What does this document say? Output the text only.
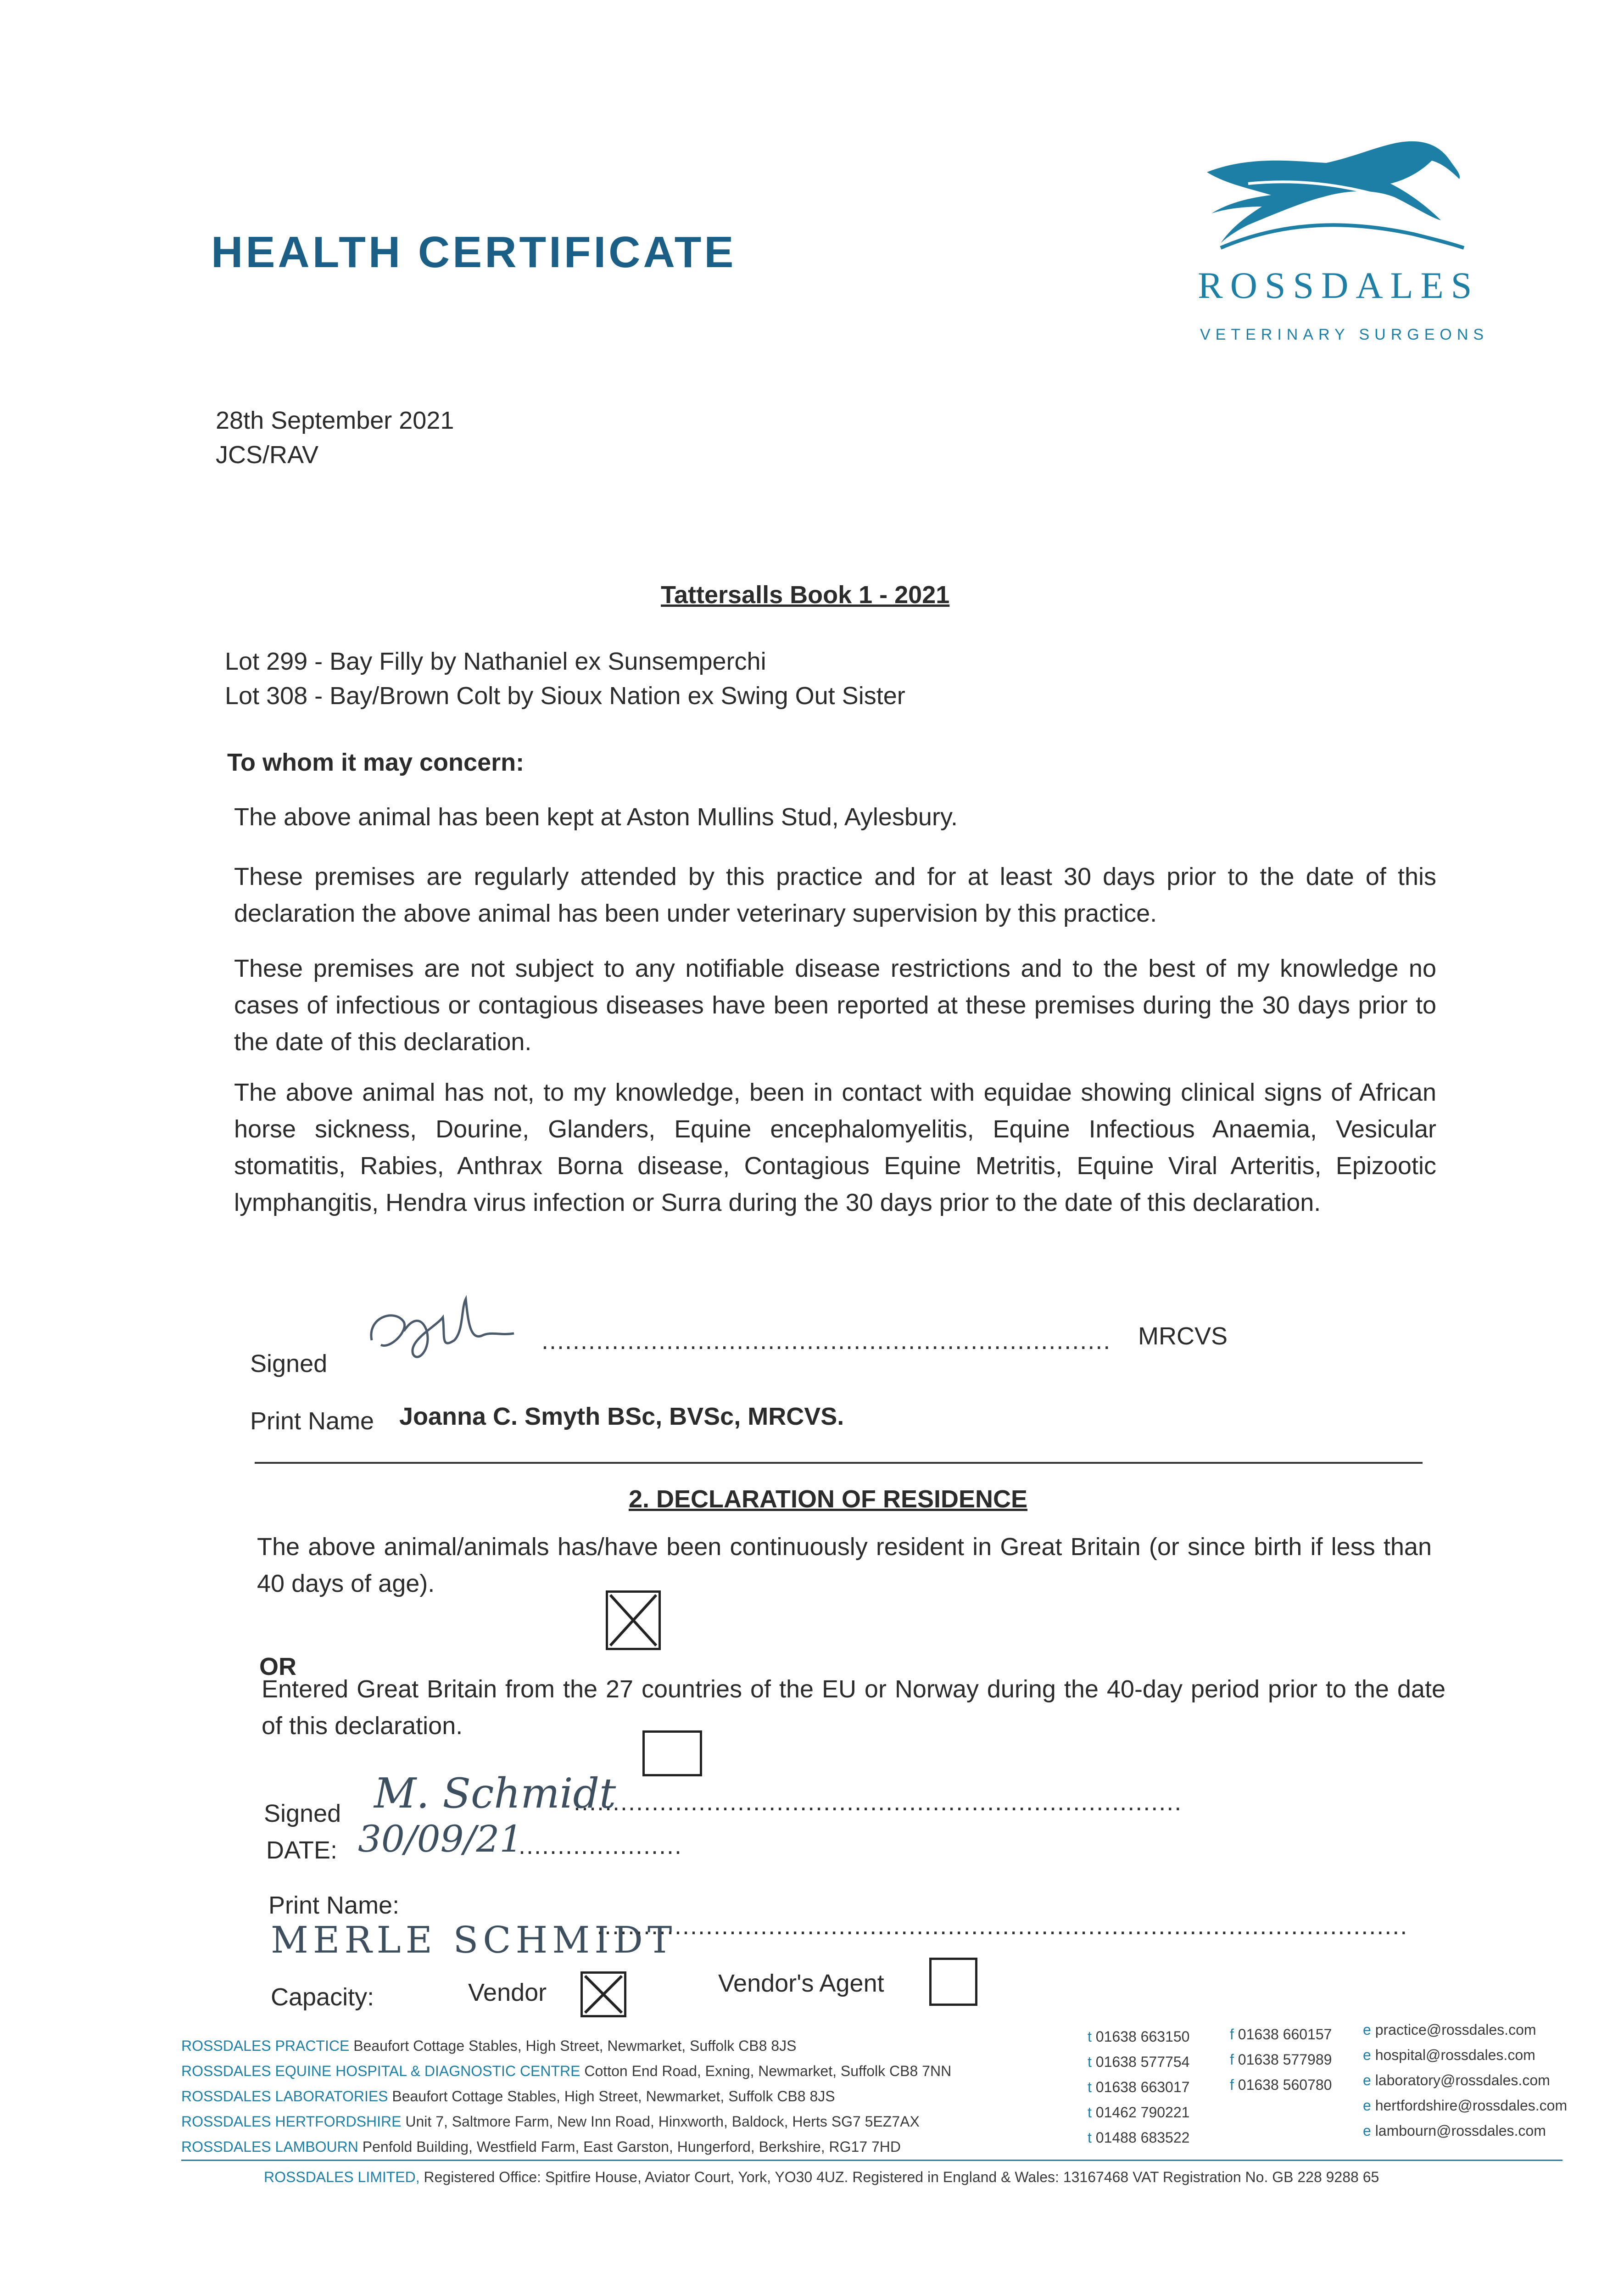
HEALTH CERTIFICATE
ROSSDALES
VETERINARY SURGEONS
28th September 2021
JCS/RAV
Tattersalls Book 1 - 2021
Lot 299 - Bay Filly by Nathaniel ex Sunsemperchi
Lot 308 - Bay/Brown Colt by Sioux Nation ex Swing Out Sister
To whom it may concern:
The above animal has been kept at Aston Mullins Stud, Aylesbury.
These premises are regularly attended by this practice and for at least 30 days prior to the date of this declaration the above animal has been under veterinary supervision by this practice.
These premises are not subject to any notifiable disease restrictions and to the best of my knowledge no cases of infectious or contagious diseases have been reported at these premises during the 30 days prior to the date of this declaration.
The above animal has not, to my knowledge, been in contact with equidae showing clinical signs of African horse sickness, Dourine, Glanders, Equine encephalomyelitis, Equine Infectious Anaemia, Vesicular stomatitis, Rabies, Anthrax Borna disease, Contagious Equine Metritis, Equine Viral Arteritis, Epizootic lymphangitis, Hendra virus infection or Surra during the 30 days prior to the date of this declaration.
Signed
......................................................................... MRCVS
Print Name Joanna C. Smyth BSc, BVSc, MRCVS.
2. DECLARATION OF RESIDENCE
The above animal/animals has/have been continuously resident in Great Britain (or since birth if less than 40 days of age).
OR
Entered Great Britain from the 27 countries of the EU or Norway during the 40-day period prior to the date of this declaration.
Signed M. Schmidt
..............................................................................
DATE: 30/09/21
.....................
Print Name:
MERLE SCHMIDT
........................................................................................................
Capacity:	Vendor	Vendor's Agent
ROSSDALES PRACTICE Beaufort Cottage Stables, High Street, Newmarket, Suffolk CB8 8JS
ROSSDALES EQUINE HOSPITAL & DIAGNOSTIC CENTRE Cotton End Road, Exning, Newmarket, Suffolk CB8 7NN
ROSSDALES LABORATORIES Beaufort Cottage Stables, High Street, Newmarket, Suffolk CB8 8JS
ROSSDALES HERTFORDSHIRE Unit 7, Saltmore Farm, New Inn Road, Hinxworth, Baldock, Herts SG7 5EZ7AX
ROSSDALES LAMBOURN Penfold Building, Westfield Farm, East Garston, Hungerford, Berkshire, RG17 7HD
t 01638 663150
t 01638 577754
t 01638 663017
t 01462 790221
t 01488 683522
f 01638 660157
f 01638 577989
f 01638 560780
e practice@rossdales.com
e hospital@rossdales.com
e laboratory@rossdales.com
e hertfordshire@rossdales.com
e lambourn@rossdales.com
ROSSDALES LIMITED, Registered Office: Spitfire House, Aviator Court, York, YO30 4UZ. Registered in England & Wales: 13167468 VAT Registration No. GB 228 9288 65
